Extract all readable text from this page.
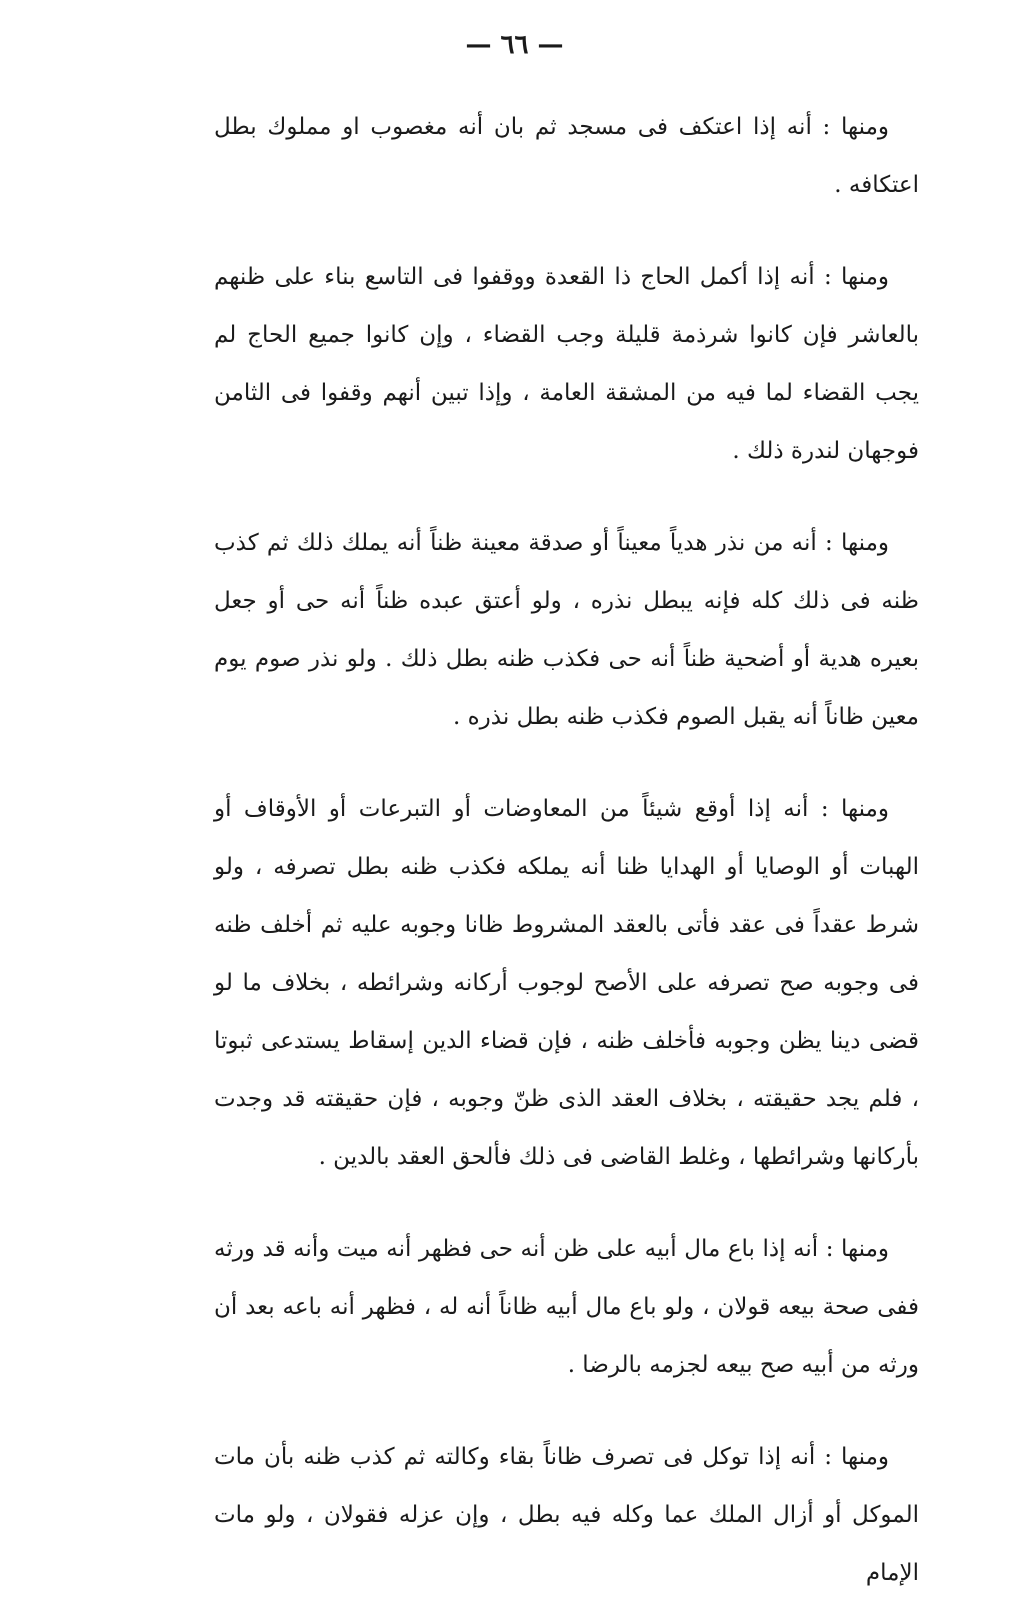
— ٦٦ —

ومنها : أنه إذا اعتكف فى مسجد ثم بان أنه مغصوب او مملوك بطل اعتكافه .

ومنها : أنه إذا أكمل الحاج ذا القعدة ووقفوا فى التاسع بناء على ظنهم بالعاشر فإن كانوا شرذمة قليلة وجب القضاء ، وإن كانوا جميع الحاج لم يجب القضاء لما فيه من المشقة العامة ، وإذا تبين أنهم وقفوا فى الثامن فوجهان لندرة ذلك .

ومنها : أنه من نذر هدياً معيناً أو صدقة معينة ظناً أنه يملك ذلك ثم كذب ظنه فى ذلك كله فإنه يبطل نذره ، ولو أعتق عبده ظناً أنه حى أو جعل بعيره هدية أو أضحية ظناً أنه حى فكذب ظنه بطل ذلك . ولو نذر صوم يوم معين ظاناً أنه يقبل الصوم فكذب ظنه بطل نذره .

ومنها : أنه إذا أوقع شيئاً من المعاوضات أو التبرعات أو الأوقاف أو الهبات أو الوصايا أو الهدايا ظنا أنه يملكه فكذب ظنه بطل تصرفه ، ولو شرط عقداً فى عقد فأتى بالعقد المشروط ظانا وجوبه عليه ثم أخلف ظنه فى وجوبه صح تصرفه على الأصح لوجوب أركانه وشرائطه ، بخلاف ما لو قضى دينا يظن وجوبه فأخلف ظنه ، فإن قضاء الدين إسقاط يستدعى ثبوتا ، فلم يجد حقيقته ، بخلاف العقد الذى ظنّ وجوبه ، فإن حقيقته قد وجدت بأركانها وشرائطها ، وغلط القاضى فى ذلك فألحق العقد بالدين .

ومنها : أنه إذا باع مال أبيه على ظن أنه حى فظهر أنه ميت وأنه قد ورثه ففى صحة بيعه قولان ، ولو باع مال أبيه ظاناً أنه له ، فظهر أنه باعه بعد أن ورثه من أبيه صح بيعه لجزمه بالرضا .

ومنها : أنه إذا توكل فى تصرف ظاناً بقاء وكالته ثم كذب ظنه بأن مات الموكل أو أزال الملك عما وكله فيه بطل ، وإن عزله فقولان ، ولو مات الإمام
